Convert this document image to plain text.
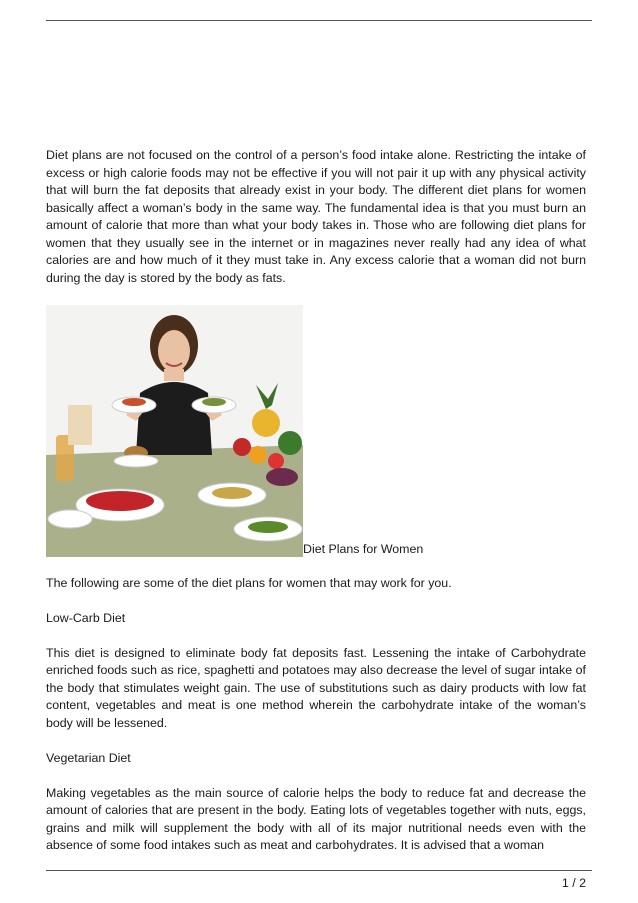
Diet plans are not focused on the control of a person’s food intake alone. Restricting the intake of excess or high calorie foods may not be effective if you will not pair it up with any physical activity that will burn the fat deposits that already exist in your body. The different diet plans for women basically affect a woman’s body in the same way. The fundamental idea is that you must burn an amount of calorie that more than what your body takes in. Those who are following diet plans for women that they usually see in the internet or in magazines never really had any idea of what calories are and how much of it they must take in. Any excess calorie that a woman did not burn during the day is stored by the body as fats.

Diet Plans for Women

The following are some of the diet plans for women that may work for you.

Low-Carb Diet

This diet is designed to eliminate body fat deposits fast. Lessening the intake of Carbohydrate enriched foods such as rice, spaghetti and potatoes may also decrease the level of sugar intake of the body that stimulates weight gain. The use of substitutions such as dairy products with low fat content, vegetables and meat is one method wherein the carbohydrate intake of the woman’s body will be lessened.

Vegetarian Diet

Making vegetables as the main source of calorie helps the body to reduce fat and decrease the amount of calories that are present in the body. Eating lots of vegetables together with nuts, eggs, grains and milk will supplement the body with all of its major nutritional needs even with the absence of some food intakes such as meat and carbohydrates. It is advised that a woman

1 / 2
